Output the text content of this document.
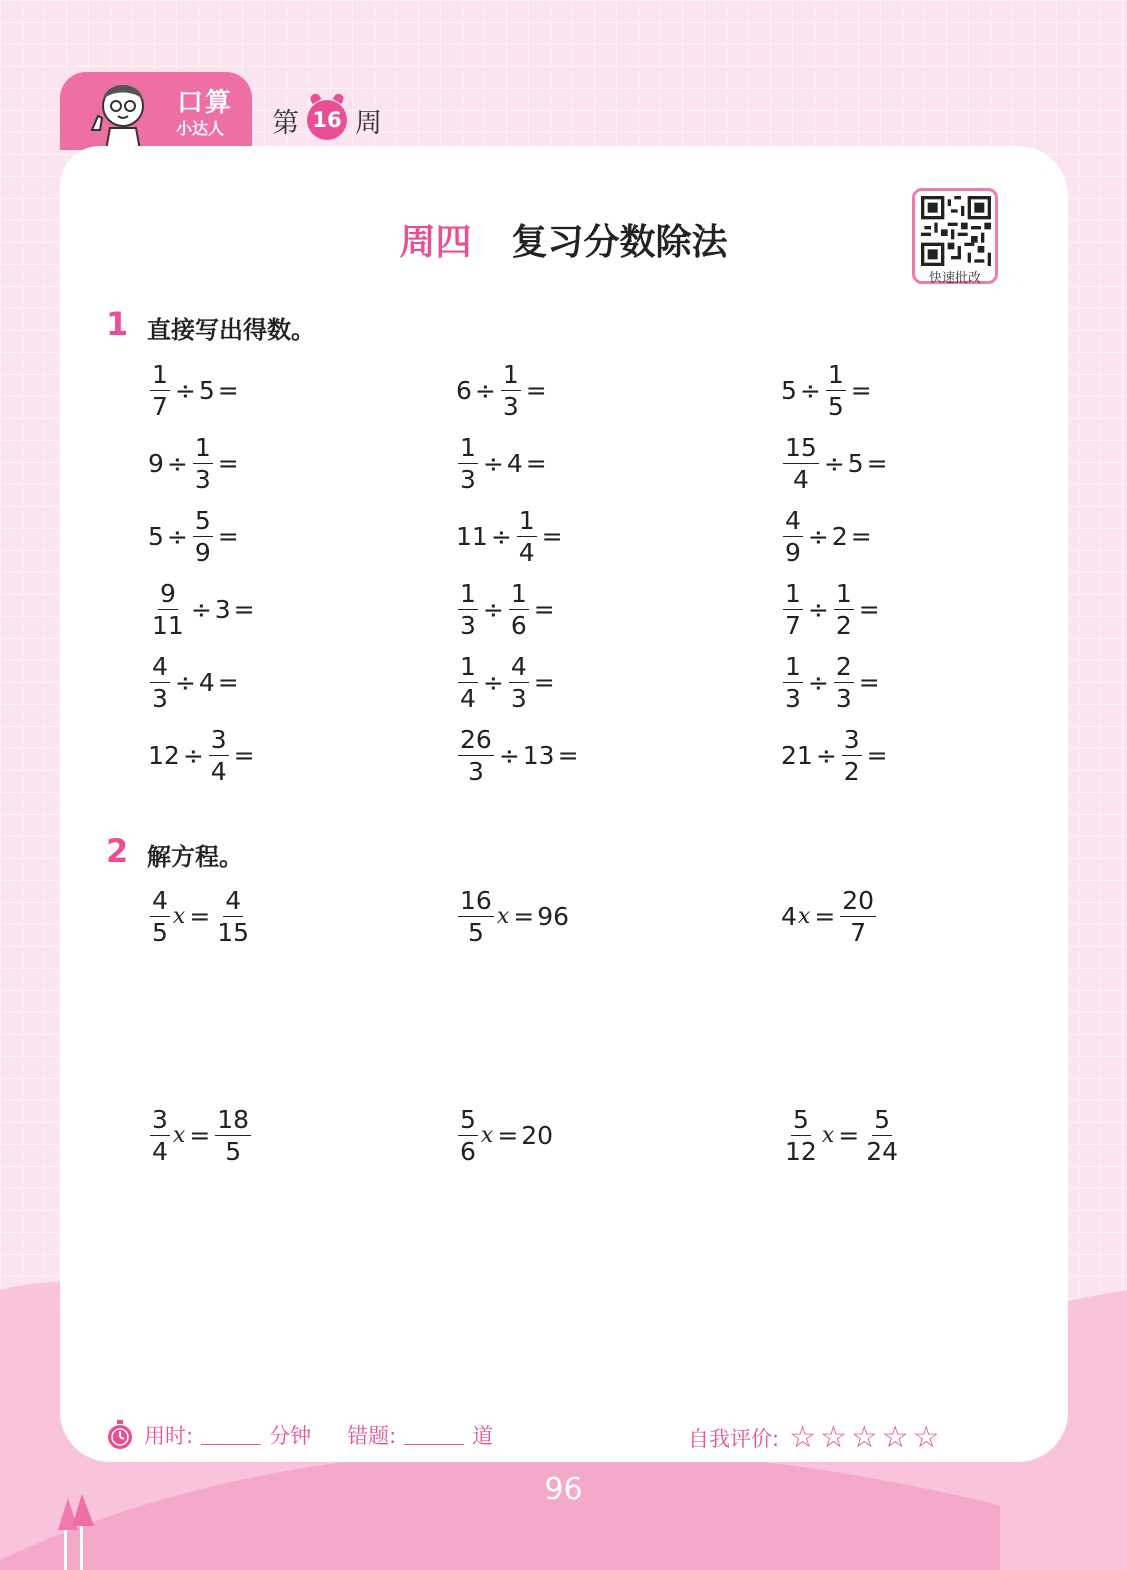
口算
小达人 第 16 周
周四 复习分数除法
快速批改
1 直接写出得数。
2 解方程。
$\frac{1}{7} \div 5$ =	$6 \div \frac{1}{3}$ =	$5 \div \frac{1}{5}$ =
$9 \div \frac{1}{3}$ =	$\frac{1}{3} \div 4$ =	$\frac{15}{4} \div 5$ =
$5 \div \frac{5}{9}$ =	$11 \div \frac{1}{4}$ =	$\frac{4}{9} \div 2$ =
$\frac{9}{11} \div 3$ =	$\frac{1}{3} \div \frac{1}{6}$ =	$\frac{1}{7} \div \frac{1}{2}$ =
$\frac{4}{3} \div 4$ =	$\frac{1}{4} \div \frac{4}{3}$ =	$\frac{1}{3} \div \frac{2}{3}$ =
$12 \div \frac{3}{4}$ =	$\frac{26}{3} \div 13$ =	$21 \div \frac{3}{2}$ =
$\frac{4}{5}$ $x = \frac{4}{15}$	$\frac{16}{5}$ x = 96	4 $x = \frac{20}{7}$
$\frac{3}{4}$ $x = \frac{18}{5}$	$\frac{5}{6}$ x = 20	$\frac{5}{12}$ $x = \frac{5}{24}$
用时:	分钟 错题:	道	自我评价: ☆ ☆ ☆ ☆ ☆
96
